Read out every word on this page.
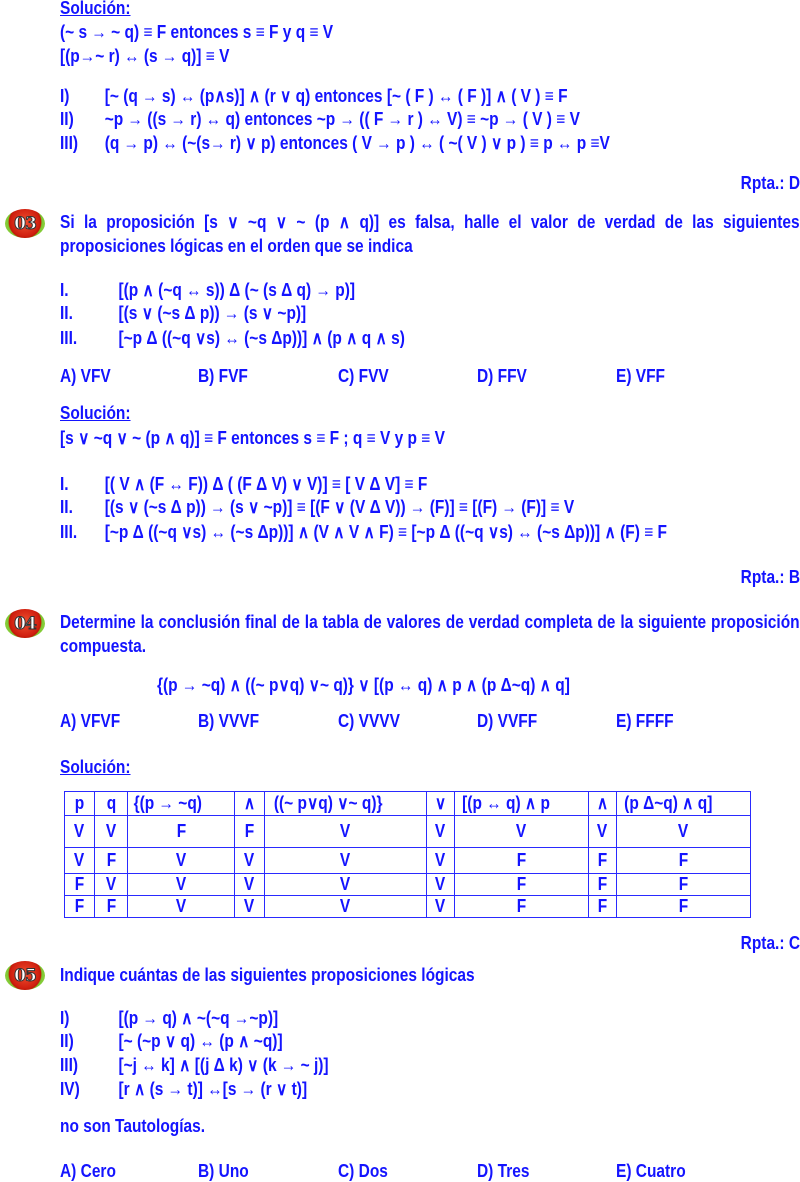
Solución:
(~ s → ~ q) ≡ F entonces s ≡ F y q ≡ V
[(p→~ r) ↔ (s → q)] ≡ V
I) [~ (q → s) ↔ (p∧s)] ∧ (r ∨ q) entonces [~ ( F ) ↔ ( F )] ∧ ( V ) ≡ F
II) ~p → ((s → r) ↔ q) entonces ~p → (( F → r ) ↔ V) ≡ ~p → ( V ) ≡ V
III) (q → p) ↔ (~(s→ r) ∨ p) entonces ( V → p ) ↔ ( ~( V ) ∨ p ) ≡ p ↔ p ≡V
Rpta.: D
03 Si la proposición [s ∨ ~q ∨ ~ (p ∧ q)] es falsa, halle el valor de verdad de las siguientes proposiciones lógicas en el orden que se indica
I.	[(p ∧ (~q ↔ s)) Δ (~ (s Δ q) → p)]
II.	[(s ∨ (~s Δ p)) → (s ∨ ~p)]
III. [~p Δ ((~q ∨s) ↔ (~s Δp))] ∧ (p ∧ q ∧ s)
A) VFV	B) FVF	C) FVV	D) FFV	E) VFF
Solución:
[s ∨ ~q ∨ ~ (p ∧ q)] ≡ F entonces s ≡ F ; q ≡ V y p ≡ V
I. [( V ∧ (F ↔ F)) Δ ( (F Δ V) ∨ V)] ≡ [ V Δ V] ≡ F
II. [(s ∨ (~s Δ p)) → (s ∨ ~p)] ≡ [(F ∨ (V Δ V)) → (F)] ≡ [(F) → (F)] ≡ V
III. [~p Δ ((~q ∨s) ↔ (~s Δp))] ∧ (V ∧ V ∧ F) ≡ [~p Δ ((~q ∨s) ↔ (~s Δp))] ∧ (F) ≡ F
Rpta.: B
04 Determine la conclusión final de la tabla de valores de verdad completa de la siguiente proposición compuesta.
{(p → ~q) ∧ ((~ p∨q) ∨~ q)} ∨ [(p ↔ q) ∧ p ∧ (p Δ~q) ∧ q]
A) VFVF	B) VVVF	C) VVVV	D) VVFF	E) FFFF
Solución:
p	q	{(p → ~q)	∧	((~ p∨q) ∨~ q)}	∨	[(p ↔ q) ∧ p	∧	(p Δ~q) ∧ q]
V	V	F	F	V	V	V	V	V
V	F	V	V	V	V	F	F	F
F	V	V	V	V	V	F	F	F
F	F	V	V	V	V	F	F	F
Rpta.: C
05 Indique cuántas de las siguientes proposiciones lógicas
I)	[(p → q) ∧ ~(~q →~p)]
II) [~ (~p ∨ q) ↔ (p ∧ ~q)]
III) [~j ↔ k] ∧ [(j Δ k) ∨ (k → ~ j)]
IV) [r ∧ (s → t)] ↔[s → (r ∨ t)]
no son Tautologías.
A) Cero	B) Uno	C) Dos	D) Tres	E) Cuatro
